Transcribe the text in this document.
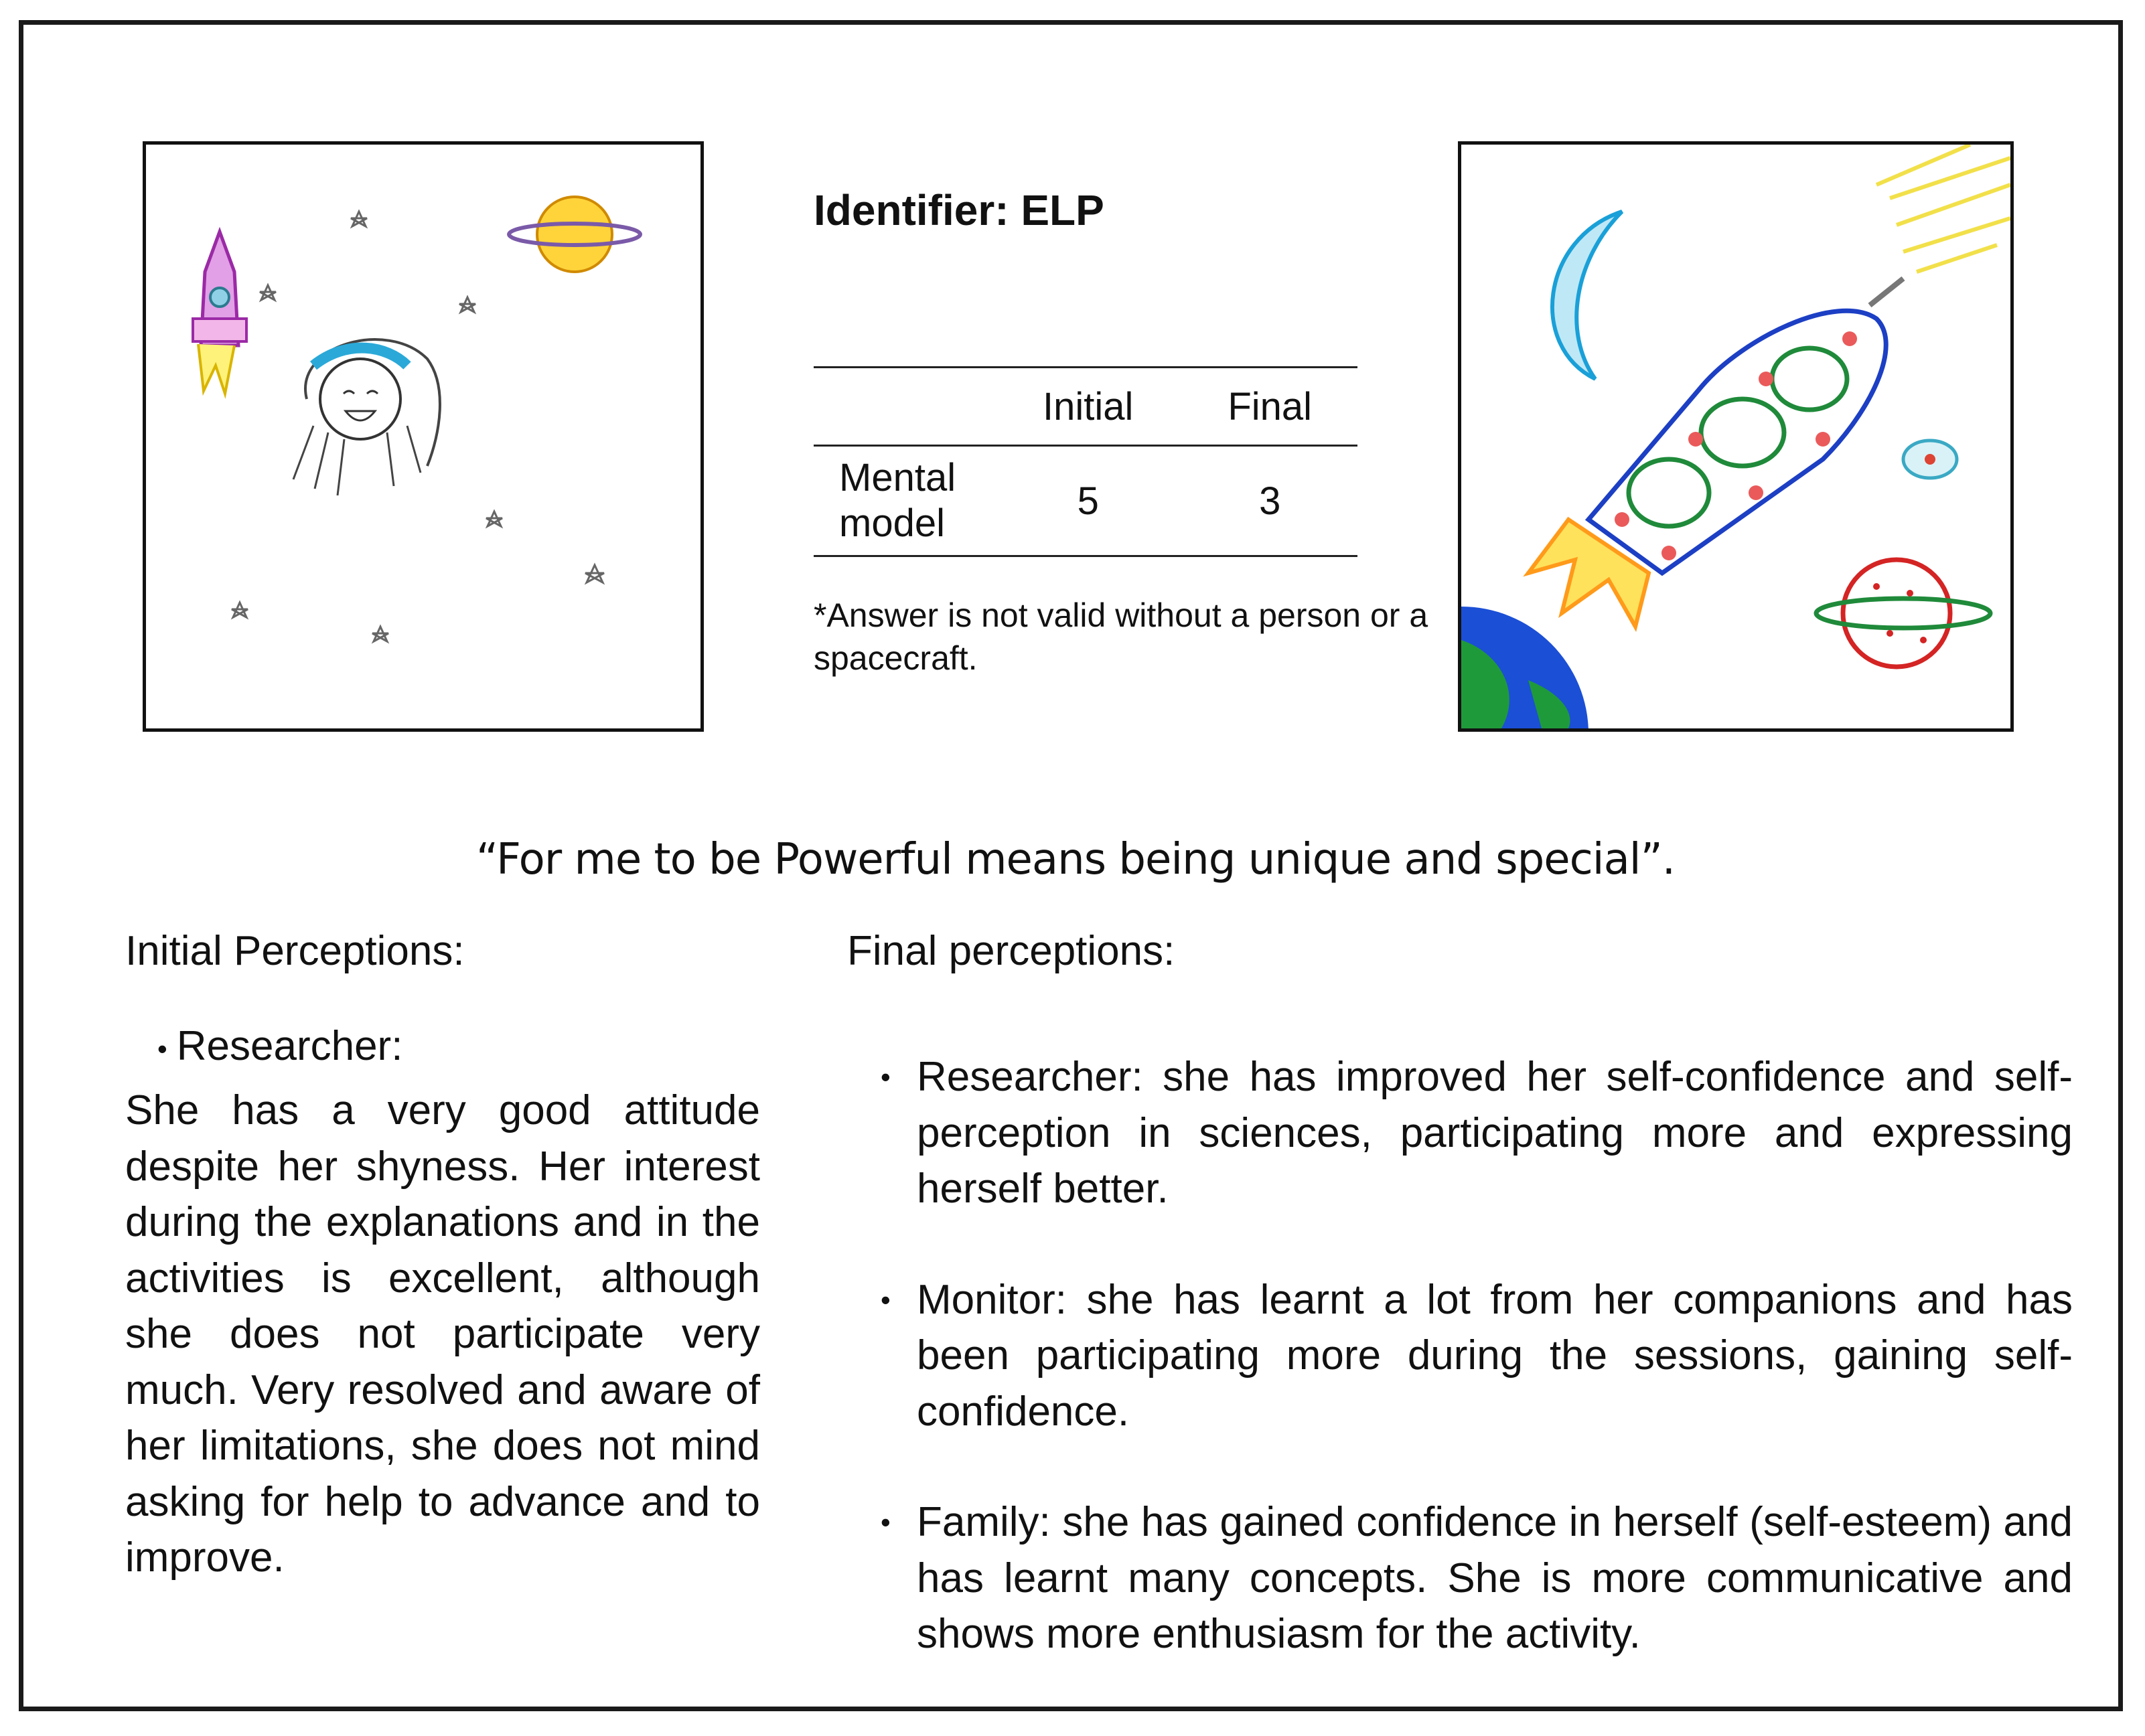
Identifier: ELP
	Initial	Final

Mental
model	5	3
*Answer is not valid without a person or a spacecraft.
“For me to be Powerful means being unique and special”.
Initial Perceptions:
• Researcher:
She has a very good attitude despite her shyness. Her interest during the explanations and in the activities is excellent, although she does not participate very much. Very resolved and aware of her limitations, she does not mind asking for help to advance and to improve.
Final perceptions:
• Researcher: she has improved her self-confidence and self-perception in sciences, participating more and expressing herself better.
• Monitor: she has learnt a lot from her companions and has been participating more during the sessions, gaining self-confidence.
• Family: she has gained confidence in herself (self-esteem) and has learnt many concepts. She is more communicative and shows more enthusiasm for the activity.
